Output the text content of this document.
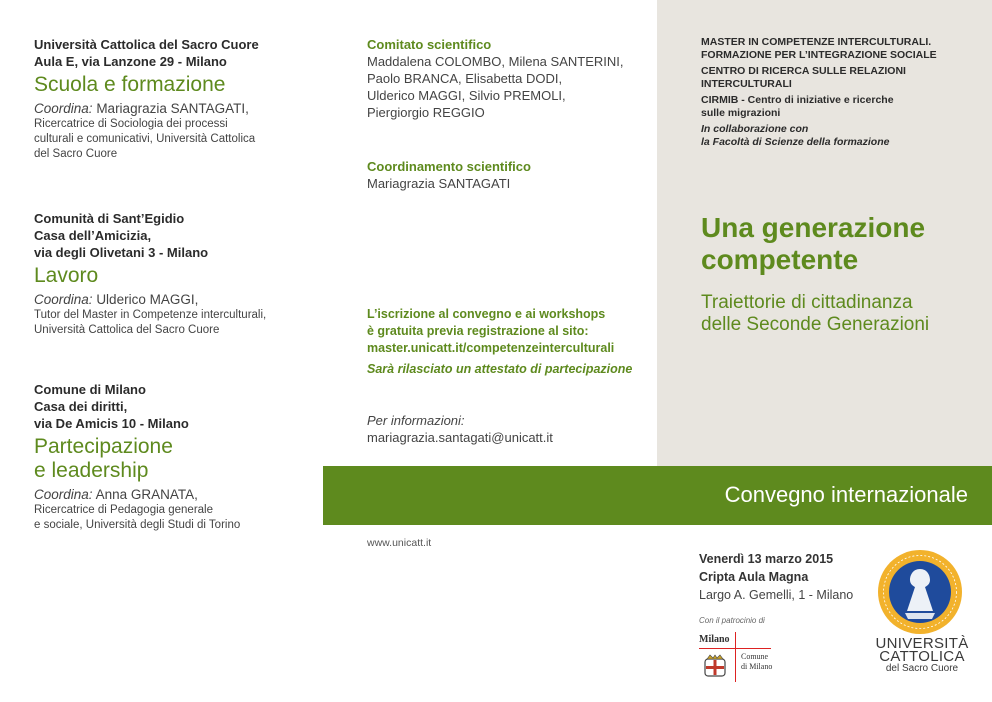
Università Cattolica del Sacro Cuore
Aula E, via Lanzone 29 - Milano
Scuola e formazione
Coordina: Mariagrazia SANTAGATI,
Ricercatrice di Sociologia dei processi
culturali e comunicativi, Università Cattolica
del Sacro Cuore
Comunità di Sant’Egidio
Casa dell’Amicizia,
via degli Olivetani 3 - Milano
Lavoro
Coordina: Ulderico MAGGI,
Tutor del Master in Competenze interculturali,
Università Cattolica del Sacro Cuore
Comune di Milano
Casa dei diritti,
via De Amicis 10 - Milano
Partecipazione
e leadership
Coordina: Anna GRANATA,
Ricercatrice di Pedagogia generale
e sociale, Università degli Studi di Torino
Comitato scientifico
Maddalena COLOMBO, Milena SANTERINI,
Paolo BRANCA, Elisabetta DODI,
Ulderico MAGGI, Silvio PREMOLI,
Piergiorgio REGGIO
Coordinamento scientifico
Mariagrazia SANTAGATI
L’iscrizione al convegno e ai workshops
è gratuita previa registrazione al sito:
master.unicatt.it/competenzeinterculturali
Sarà rilasciato un attestato di partecipazione
Per informazioni:
mariagrazia.santagati@unicatt.it

MASTER IN COMPETENZE INTERCULTURALI.
FORMAZIONE PER L’INTEGRAZIONE SOCIALE

CENTRO DI RICERCA SULLE RELAZIONI
INTERCULTURALI

CIRMIB - Centro di iniziative e ricerche
sulle migrazioni

In collaborazione con
la Facoltà di Scienze della formazione

Una generazione
competente
Traiettorie di cittadinanza
delle Seconde Generazioni
Convegno internazionale
www.unicatt.it
Venerdì 13 marzo 2015
Cripta Aula Magna
Largo A. Gemelli, 1 - Milano
Con il patrocinio di
Milano
Comune
di Milano
UNIVERSITÀ
CATTOLICA
del Sacro Cuore
